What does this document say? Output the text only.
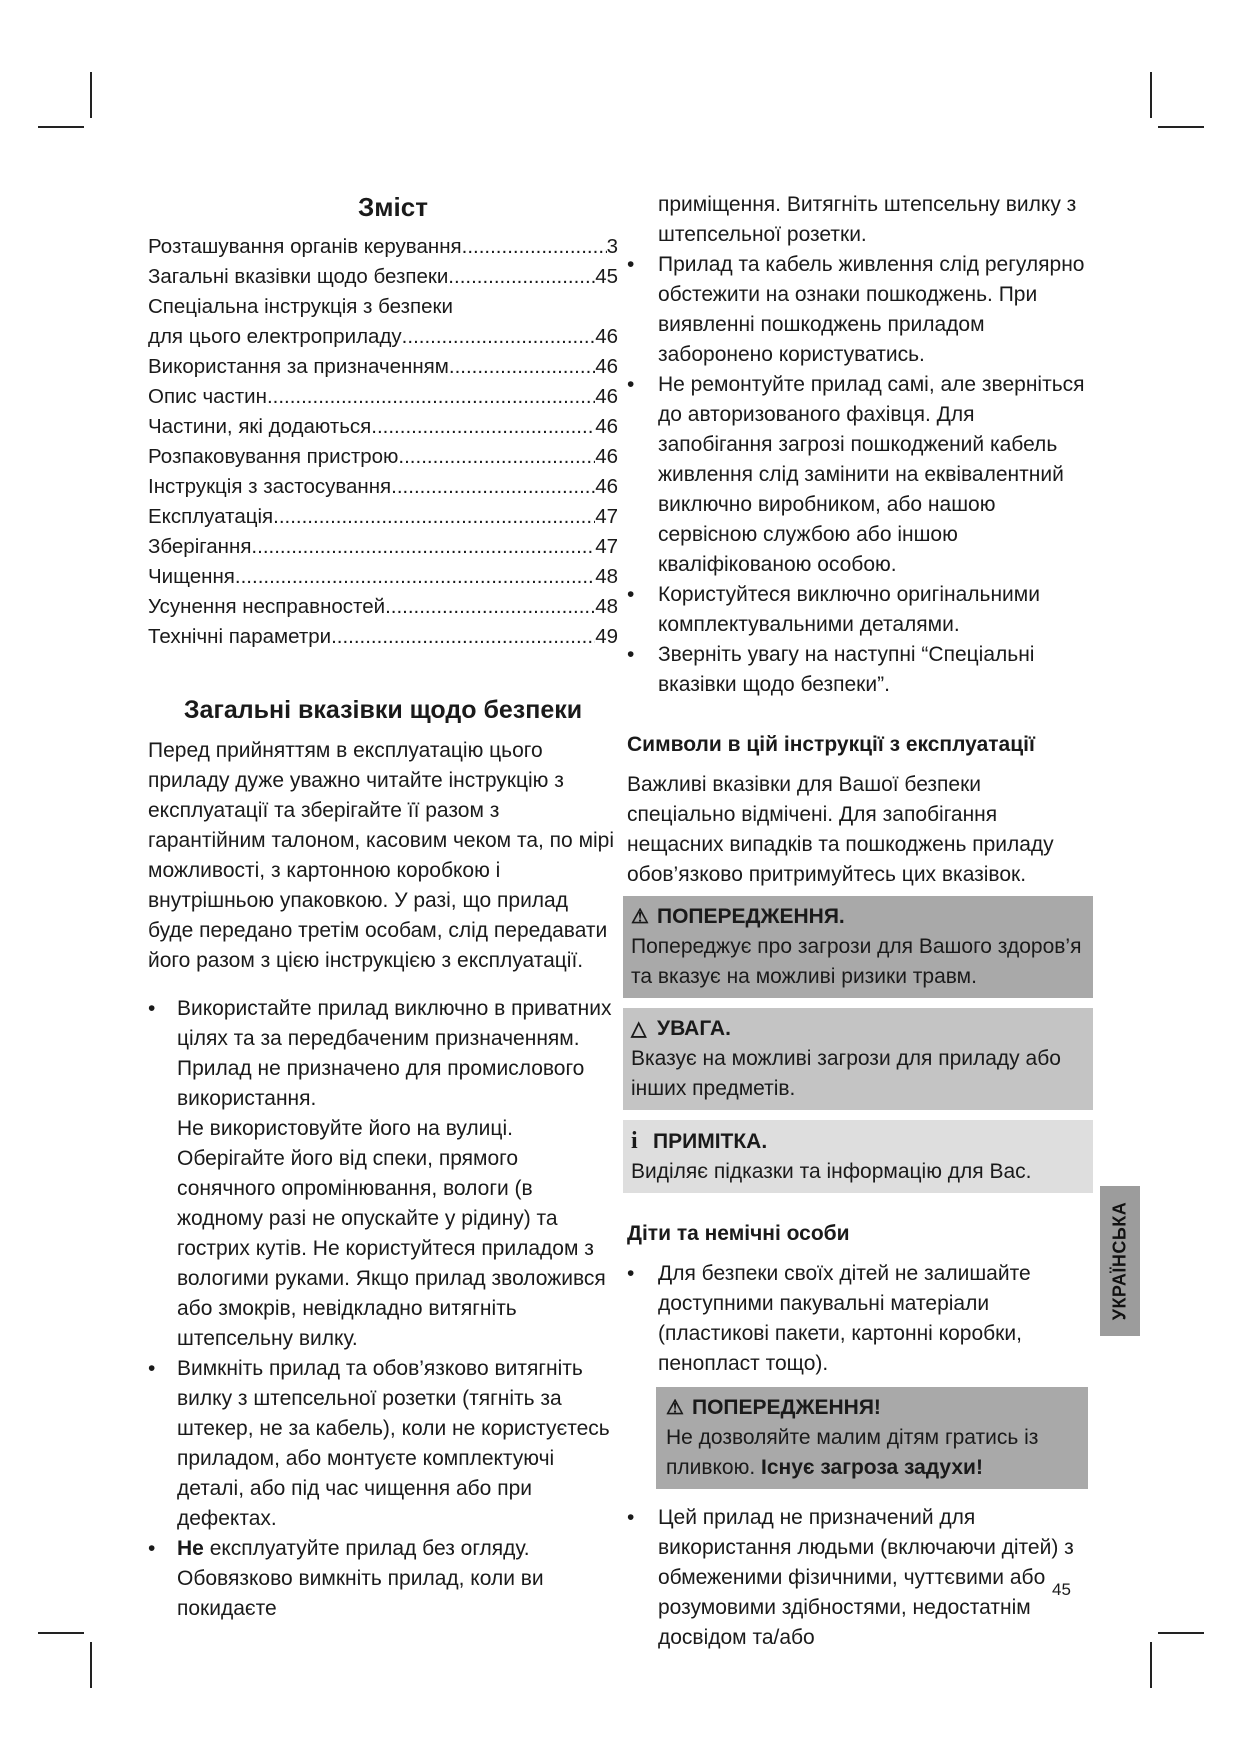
Зміст
Розташування органів керування .....	3
Загальні вказівки щодо безпеки .....	45
Спеціальна інструкція з безпеки
для цього електроприладу .....	46
Використання за призначенням .....	46
Опис частин .....	46
Частини, які додаються .....	46
Розпаковування пристрою .....	46
Інструкція з застосування .....	46
Експлуатація .....	47
Зберігання .....	47
Чищення .....	48
Усунення несправностей .....	48
Технічні параметри .....	49
Загальні вказівки щодо безпеки

Перед прийняттям в експлуатацію цього приладу дуже уважно читайте інструкцію з експлуатації та зберігайте її разом з гарантійним талоном, касовим чеком та, по мірі можливості, з картонною коробкою і внутрішньою упаковкою. У разі, що прилад буде передано третім особам, слід передавати його разом з цією інструкцією з експлуатації.

• Використайте прилад виключно в приватних цілях та за передбаченим призначенням. Прилад не призначено для промислового використання.

Не використовуйте його на вулиці. Оберігайте його від спеки, прямого сонячного опромінювання, вологи (в жодному разі не опускайте у рідину) та гострих кутів. Не користуйтеся приладом з вологими руками. Якщо прилад зволожився або змокрів, невідкладно витягніть штепсельну вилку.

• Вимкніть прилад та обов’язково витягніть вилку з штепсельної розетки (тягніть за штекер, не за кабель), коли не користуєтесь приладом, або монтуєте комплектуючі деталі, або під час чищення або при дефектах.

• Не експлуатуйте прилад без огляду. Обовязково вимкніть прилад, коли ви покидаєте

приміщення. Витягніть штепсельну вилку з штепсельної розетки.

• Прилад та кабель живлення слід регулярно обстежити на ознаки пошкоджень. При виявленні пошкоджень приладом заборонено користуватись.

• Не ремонтуйте прилад самі, але зверніться до авторизованого фахівця. Для запобігання загрозі пошкоджений кабель живлення слід замінити на еквівалентний виключно виробником, або нашою сервісною службою або іншою кваліфікованою особою.

• Користуйтеся виключно оригінальними комплектувальними деталями.

• Зверніть увагу на наступні “Спеціальні вказівки щодо безпеки”.

Символи в цій інструкції з експлуатації

Важливі вказівки для Вашої безпеки спеціально відмічені. Для запобігання нещасних випадків та пошкоджень приладу обов’язково притримуйтесь цих вказівок.

⚠ ПОПЕРЕДЖЕННЯ.

Попереджує про загрози для Вашого здоров’я та вказує на можливі ризики травм.

△ УВАГА.

Вказує на можливі загрози для приладу або інших предметів.

i ПРИМІТКА.

Виділяє підказки та інформацію для Вас.

Діти та немічні особи

• Для безпеки своїх дітей не залишайте доступними пакувальні матеріали (пластикові пакети, картонні коробки, пенопласт тощо).

⚠ ПОПЕРЕДЖЕННЯ!

Не дозволяйте малим дітям гратись із пливкою. Існує загроза задухи!

• Цей прилад не призначений для використання людьми (включаючи дітей) з обмеженими фізичними, чуттєвими або розумовими здібностями, недостатнім досвідом та/або

УКРАЇНСЬКА
45
